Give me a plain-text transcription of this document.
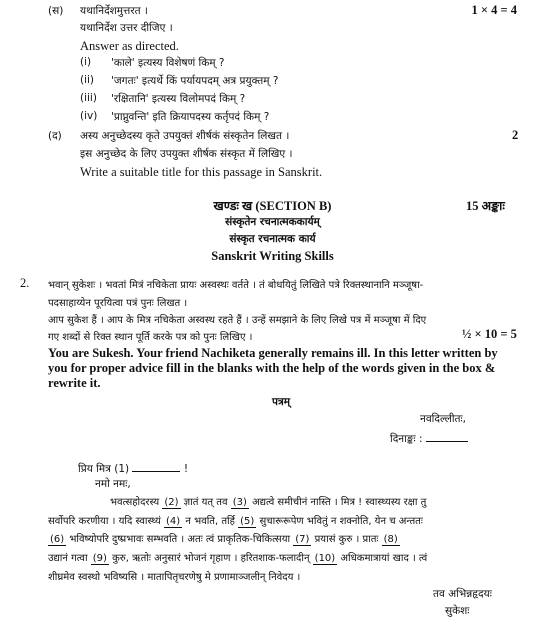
(स) यथानिर्देशमुत्तरत ।	1 × 4 = 4
यथानिर्देश उत्तर दीजिए ।
Answer as directed.
(i) 'काले' इत्यस्य विशेषणं किम् ?
(ii) 'जगतः' इत्यर्थे किं पर्यायपदम् अत्र प्रयुक्तम् ?
(iii) 'रक्षितानि' इत्यस्य विलोमपदं किम् ?
(iv) 'प्राप्नुवन्ति' इति क्रियापदस्य कर्तृपदं किम् ?
(द) अस्य अनुच्छेदस्य कृते उपयुक्तं शीर्षकं संस्कृतेन लिखत ।	2
इस अनुच्छेद के लिए उपयुक्त शीर्षक संस्कृत में लिखिए ।
Write a suitable title for this passage in Sanskrit.
खण्डः ख (SECTION B)	15 अङ्काः
संस्कृतेन रचनात्मककार्यम्
संस्कृत रचनात्मक कार्य
Sanskrit Writing Skills
2. भवान् सुकेशः । भवतां मित्रं नचिकेता प्रायः अस्वस्थः वर्तते । तं बोधयितुं लिखिते पत्रे रिक्तस्थानानि मञ्जूषा-
पदसाहाय्येन पूरयित्वा पत्रं पुनः लिखत ।
आप सुकेश हैं । आप के मित्र नचिकेता अस्वस्थ रहते हैं । उन्हें समझाने के लिए लिखे पत्र में मञ्जूषा में दिए
गए शब्दों से रिक्त स्थान पूर्ति करके पत्र को पुनः लिखिए ।	½ × 10 = 5
You are Sukesh. Your friend Nachiketa generally remains ill. In this letter written by
you for proper advice fill in the blanks with the help of the words given in the box &
rewrite it.
पत्रम्
नवदिल्लीतः,
दिनाङ्कः :
प्रिय मित्र (1)	!
नमो नमः,
भवत्सहोदरस्य (2) ज्ञातं यत् तव (3) अद्यत्वे समीचीनं नास्ति । मित्र ! स्वास्थ्यस्य रक्षा तु
सर्वोपरि करणीया । यदि स्वास्थ्यं (4) न भवति, तर्हि (5) सुचारूरूपेण भवितुं न शक्नोति, येन च अन्ततः
(6) भविष्योपरि दुष्प्रभावः सम्भवति । अतः त्वं प्राकृतिक-चिकित्सया (7) प्रयासं कुरु । प्रातः (8)
उद्यानं गत्वा (9) कुरु, ऋतोः अनुसारं भोजनं गृहाण । हरितशाक-फलादीन् (10) अधिकमात्रायां खाद । त्वं
शीघ्रमेव स्वस्थो भविष्यसि । मातापितृचरणेषु मे प्रणामाञ्जलीन् निवेदय ।
तव अभिन्नहृदयः
सुकेशः
